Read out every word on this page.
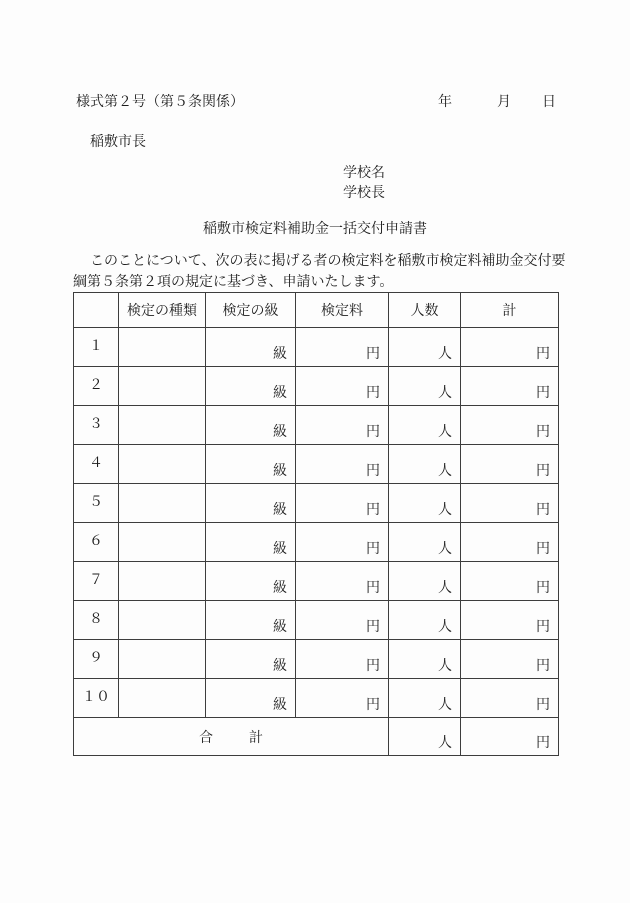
様式第２号（第５条関係）	年	月 日
稲敷市長
学校名
学校長
稲敷市検定料補助金一括交付申請書
このことについて、次の表に掲げる者の検定料を稲敷市検定料補助金交付要
綱第５条第２項の規定に基づき、申請いたします。
	検定の種類	検定の級	検定料	人数	計
１		級	円	人	円
２		級	円	人	円
３		級	円	人	円
４		級	円	人	円
５		級	円	人	円
６		級	円	人	円
７		級	円	人	円
８		級	円	人	円
９		級	円	人	円
１０		級	円	人	円

合 計				人	円
